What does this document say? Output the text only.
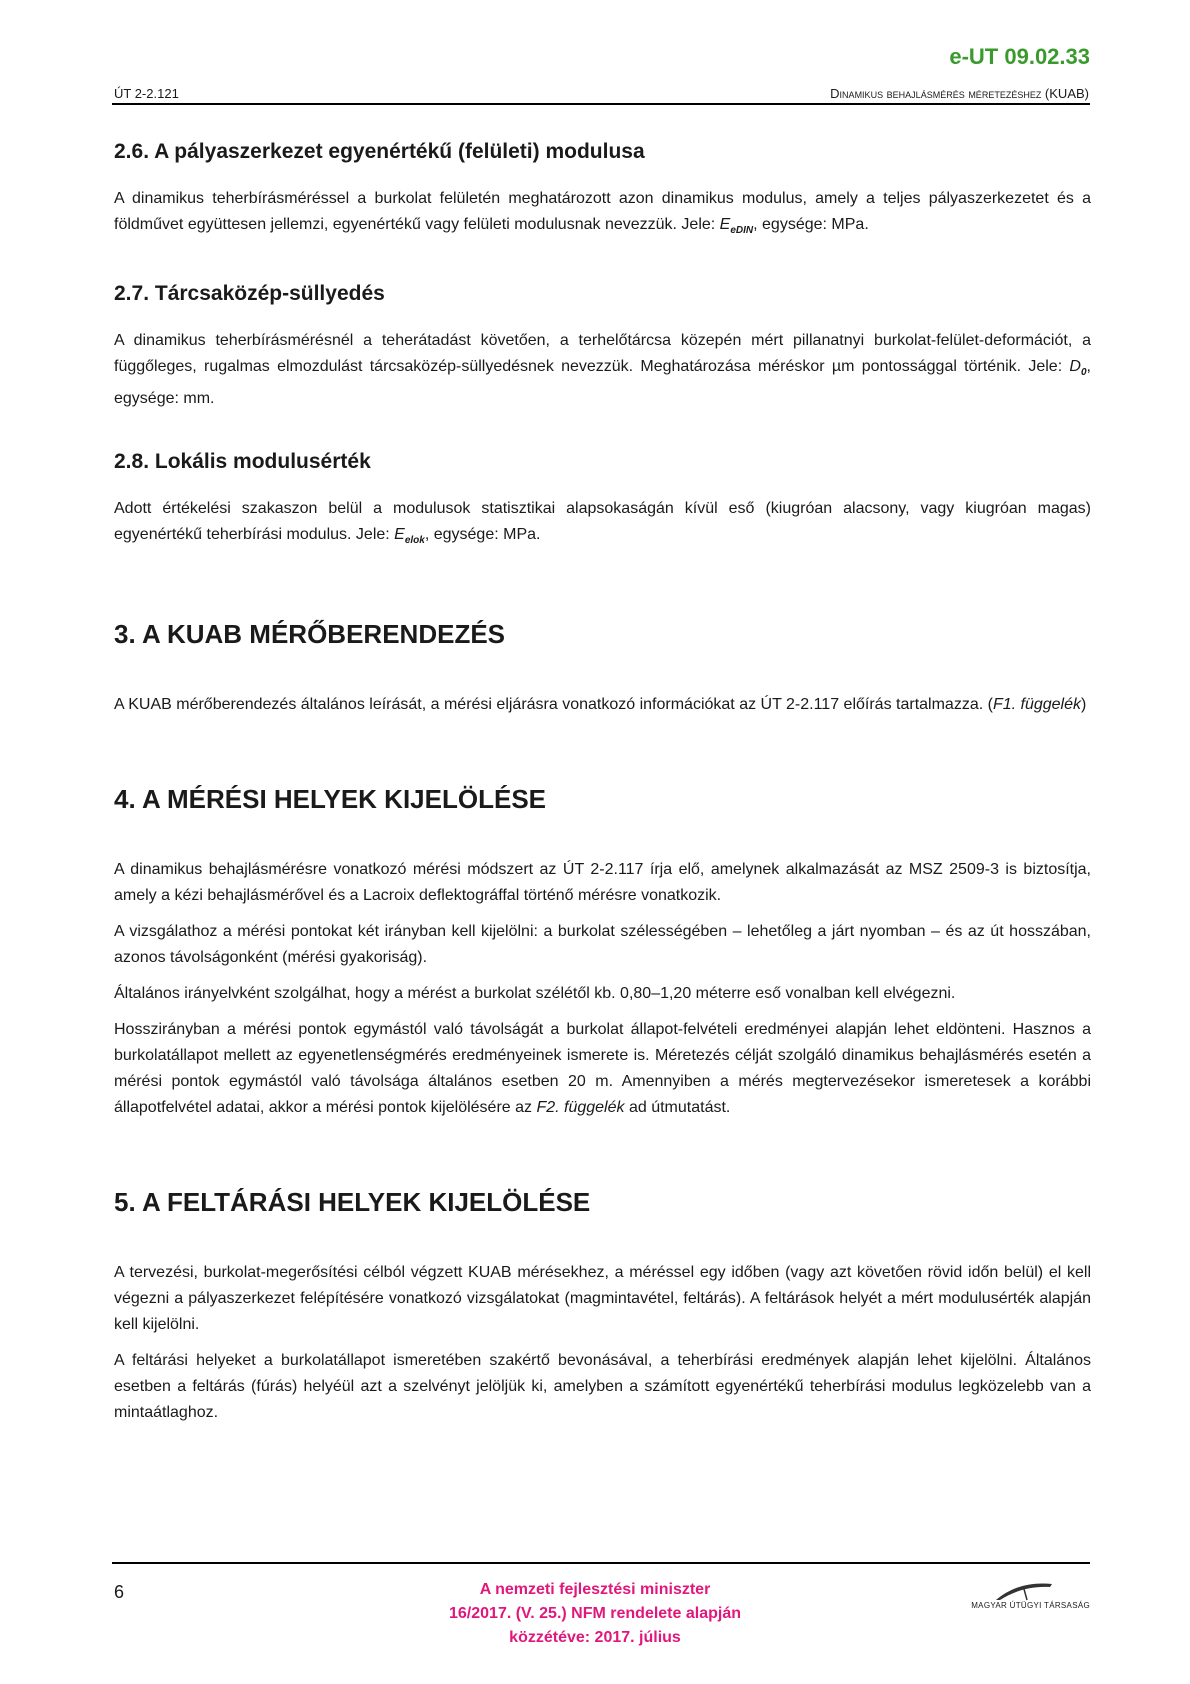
e-UT 09.02.33
ÚT 2-2.121	Dinamikus behajlásmérés méretezéshez (KUAB)
2.6. A pályaszerkezet egyenértékű (felületi) modulusa

A dinamikus teherbírásméréssel a burkolat felületén meghatározott azon dinamikus modulus, amely a teljes pályaszerkezetet és a földművet együttesen jellemzi, egyenértékű vagy felületi modulusnak nevezzük. Jele: $E_{eDIN}$, egysége: MPa.

2.7. Tárcsaközép-süllyedés

A dinamikus teherbírásmérésnél a teherátadást követően, a terhelőtárcsa közepén mért pillanatnyi burkolat-felület-deformációt, a függőleges, rugalmas elmozdulást tárcsaközép-süllyedésnek nevezzük. Meghatározása méréskor µm pontossággal történik. Jele: $D_0$, egysége: mm.

2.8. Lokális modulusérték

Adott értékelési szakaszon belül a modulusok statisztikai alapsokaságán kívül eső (kiugróan alacsony, vagy kiugróan magas) egyenértékű teherbírási modulus. Jele: $E_{elok}$, egysége: MPa.

3. A KUAB MÉRŐBERENDEZÉS

A KUAB mérőberendezés általános leírását, a mérési eljárásra vonatkozó információkat az ÚT 2-2.117 előírás tartalmazza. (F1. függelék)

4. A MÉRÉSI HELYEK KIJELÖLÉSE

A dinamikus behajlásmérésre vonatkozó mérési módszert az ÚT 2-2.117 írja elő, amelynek alkalmazását az MSZ 2509-3 is biztosítja, amely a kézi behajlásmérővel és a Lacroix deflektográffal történő mérésre vonatkozik.

A vizsgálathoz a mérési pontokat két irányban kell kijelölni: a burkolat szélességében – lehetőleg a járt nyomban – és az út hosszában, azonos távolságonként (mérési gyakoriság).

Általános irányelvként szolgálhat, hogy a mérést a burkolat szélétől kb. 0,80–1,20 méterre eső vonalban kell elvégezni.

Hosszirányban a mérési pontok egymástól való távolságát a burkolat állapot-felvételi eredményei alapján lehet eldönteni. Hasznos a burkolatállapot mellett az egyenetlenségmérés eredményeinek ismerete is. Méretezés célját szolgáló dinamikus behajlásmérés esetén a mérési pontok egymástól való távolsága általános esetben 20 m. Amennyiben a mérés megtervezésekor ismeretesek a korábbi állapotfelvétel adatai, akkor a mérési pontok kijelölésére az F2. függelék ad útmutatást.

5. A FELTÁRÁSI HELYEK KIJELÖLÉSE

A tervezési, burkolat-megerősítési célból végzett KUAB mérésekhez, a méréssel egy időben (vagy azt követően rövid időn belül) el kell végezni a pályaszerkezet felépítésére vonatkozó vizsgálatokat (magmintavétel, feltárás). A feltárások helyét a mért modulusérték alapján kell kijelölni.

A feltárási helyeket a burkolatállapot ismeretében szakértő bevonásával, a teherbírási eredmények alapján lehet kijelölni. Általános esetben a feltárás (fúrás) helyéül azt a szelvényt jelöljük ki, amelyben a számított egyenértékű teherbírási modulus legközelebb van a mintaátlaghoz.

6	A nemzeti fejlesztési miniszter
16/2017. (V. 25.) NFM rendelete alapján
közzétéve: 2017. július
MAGYAR ÚTÜGYI TÁRSASÁG
